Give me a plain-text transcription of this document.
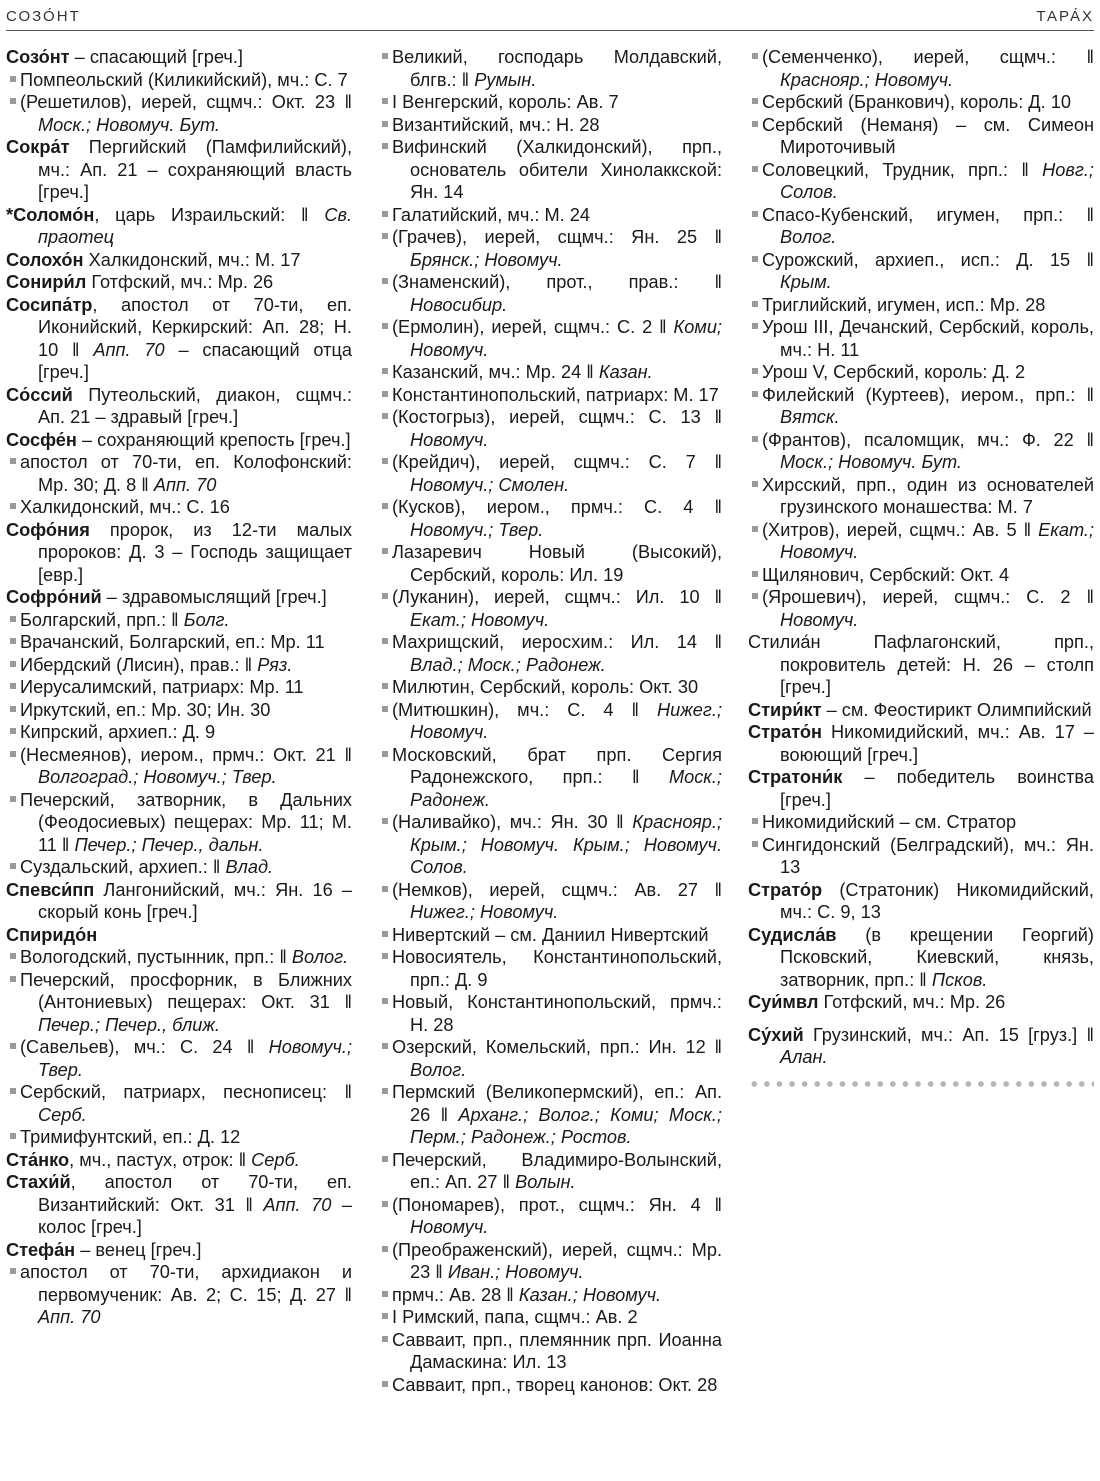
СОЗО́НТ	ТАРА́Х
Созо́нт – спасающий [греч.]
Помпеольский (Киликийский), мч.: С. 7
(Решетилов), иерей, сщмч.: Окт. 23 ‖ Моск.; Новомуч. Бут.
Сокра́т Пергийский (Памфилийский), мч.: Ап. 21 – сохраняющий власть [греч.]
*Соломо́н, царь Израильский: ‖ Св. праотец
Солохо́н Халкидонский, мч.: М. 17
Сонири́л Готфский, мч.: Мр. 26
Сосипа́тр, апостол от 70-ти, еп. Иконийский, Керкирский: Ап. 28; Н. 10 ‖ Апп. 70 – спасающий отца [греч.]
Со́ссий Путеольский, диакон, сщмч.: Ап. 21 – здравый [греч.]
Сосфе́н – сохраняющий крепость [греч.]
апостол от 70-ти, еп. Колофонский: Мр. 30; Д. 8 ‖ Апп. 70
Халкидонский, мч.: С. 16
Софо́ния пророк, из 12-ти малых пророков: Д. 3 – Господь защищает [евр.]
Софро́ний – здравомыслящий [греч.]
Болгарский, прп.: ‖ Болг.
Врачанский, Болгарский, еп.: Мр. 11
Ибердский (Лисин), прав.: ‖ Ряз.
Иерусалимский, патриарх: Мр. 11
Иркутский, еп.: Мр. 30; Ин. 30
Кипрский, архиеп.: Д. 9
(Несмеянов), иером., прмч.: Окт. 21 ‖ Волгоград.; Новомуч.; Твер.
Печерский, затворник, в Дальних (Феодосиевых) пещерах: Мр. 11; М. 11 ‖ Печер.; Печер., дальн.
Суздальский, архиеп.: ‖ Влад.
Спевси́пп Лангонийский, мч.: Ян. 16 – скорый конь [греч.]
Спиридо́н
Вологодский, пустынник, прп.: ‖ Волог.
Печерский, просфорник, в Ближних (Антониевых) пещерах: Окт. 31 ‖ Печер.; Печер., ближ.
(Савельев), мч.: С. 24 ‖ Новомуч.; Твер.
Сербский, патриарх, песнописец: ‖ Серб.
Тримифунтский, еп.: Д. 12
Ста́нко, мч., пастух, отрок: ‖ Серб.
Стахи́й, апостол от 70-ти, еп. Византийский: Окт. 31 ‖ Апп. 70 – колос [греч.]
Стефа́н – венец [греч.]
апостол от 70-ти, архидиакон и первомученик: Ав. 2; С. 15; Д. 27 ‖ Апп. 70
Великий, господарь Молдавский, блгв.: ‖ Румын.
I Венгерский, король: Ав. 7
Византийский, мч.: Н. 28
Вифинский (Халкидонский), прп., основатель обители Хинолаккской: Ян. 14
Галатийский, мч.: М. 24
(Грачев), иерей, сщмч.: Ян. 25 ‖ Брянск.; Новомуч.
(Знаменский), прот., прав.: ‖ Новосибир.
(Ермолин), иерей, сщмч.: С. 2 ‖ Коми; Новомуч.
Казанский, мч.: Мр. 24 ‖ Казан.
Константинопольский, патриарх: М. 17
(Костогрыз), иерей, сщмч.: С. 13 ‖ Новомуч.
(Крейдич), иерей, сщмч.: С. 7 ‖ Новомуч.; Смолен.
(Кусков), иером., прмч.: С. 4 ‖ Новомуч.; Твер.
Лазаревич Новый (Высокий), Сербский, король: Ил. 19
(Луканин), иерей, сщмч.: Ил. 10 ‖ Екат.; Новомуч.
Махрищский, иеросхим.: Ил. 14 ‖ Влад.; Моск.; Радонеж.
Милютин, Сербский, король: Окт. 30
(Митюшкин), мч.: С. 4 ‖ Нижег.; Новомуч.
Московский, брат прп. Сергия Радонежского, прп.: ‖ Моск.; Радонеж.
(Наливайко), мч.: Ян. 30 ‖ Краснояр.; Крым.; Новомуч. Крым.; Новомуч. Солов.
(Немков), иерей, сщмч.: Ав. 27 ‖ Нижег.; Новомуч.
Нивертский – см. Даниил Нивертский
Новосиятель, Константинопольский, прп.: Д. 9
Новый, Константинопольский, прмч.: Н. 28
Озерский, Комельский, прп.: Ин. 12 ‖ Волог.
Пермский (Великопермский), еп.: Ап. 26 ‖ Арханг.; Волог.; Коми; Моск.; Перм.; Радонеж.; Ростов.
Печерский, Владимиро-Волынский, еп.: Ап. 27 ‖ Волын.
(Пономарев), прот., сщмч.: Ян. 4 ‖ Новомуч.
(Преображенский), иерей, сщмч.: Мр. 23 ‖ Иван.; Новомуч.
прмч.: Ав. 28 ‖ Казан.; Новомуч.
I Римский, папа, сщмч.: Ав. 2
Савваит, прп., племянник прп. Иоанна Дамаскина: Ил. 13
Савваит, прп., творец канонов: Окт. 28
(Семенченко), иерей, сщмч.: ‖ Краснояр.; Новомуч.
Сербский (Бранкович), король: Д. 10
Сербский (Неманя) – см. Симеон Мироточивый
Соловецкий, Трудник, прп.: ‖ Новг.; Солов.
Спасо-Кубенский, игумен, прп.: ‖ Волог.
Сурожский, архиеп., исп.: Д. 15 ‖ Крым.
Триглийский, игумен, исп.: Мр. 28
Урош III, Дечанский, Сербский, король, мч.: Н. 11
Урош V, Сербский, король: Д. 2
Филейский (Куртеев), иером., прп.: ‖ Вятск.
(Франтов), псаломщик, мч.: Ф. 22 ‖ Моск.; Новомуч. Бут.
Хирсский, прп., один из основателей грузинского монашества: М. 7
(Хитров), иерей, сщмч.: Ав. 5 ‖ Екат.; Новомуч.
Щилянович, Сербский: Окт. 4
(Ярошевич), иерей, сщмч.: С. 2 ‖ Новомуч.
Стилиа́н Пафлагонский, прп., покровитель детей: Н. 26 – столп [греч.]
Стири́кт – см. Феостирикт Олимпийский
Страто́н Никомидийский, мч.: Ав. 17 – воюющий [греч.]
Стратони́к – победитель воинства [греч.]
Никомидийский – см. Стратор
Сингидонский (Белградский), мч.: Ян. 13
Страто́р (Стратоник) Никомидийский, мч.: С. 9, 13
Судисла́в (в крещении Георгий) Псковский, Киевский, князь, затворник, прп.: ‖ Псков.
Суи́мвл Готфский, мч.: Мр. 26
Су́хий Грузинский, мч.: Ап. 15 [груз.] ‖ Алан.
